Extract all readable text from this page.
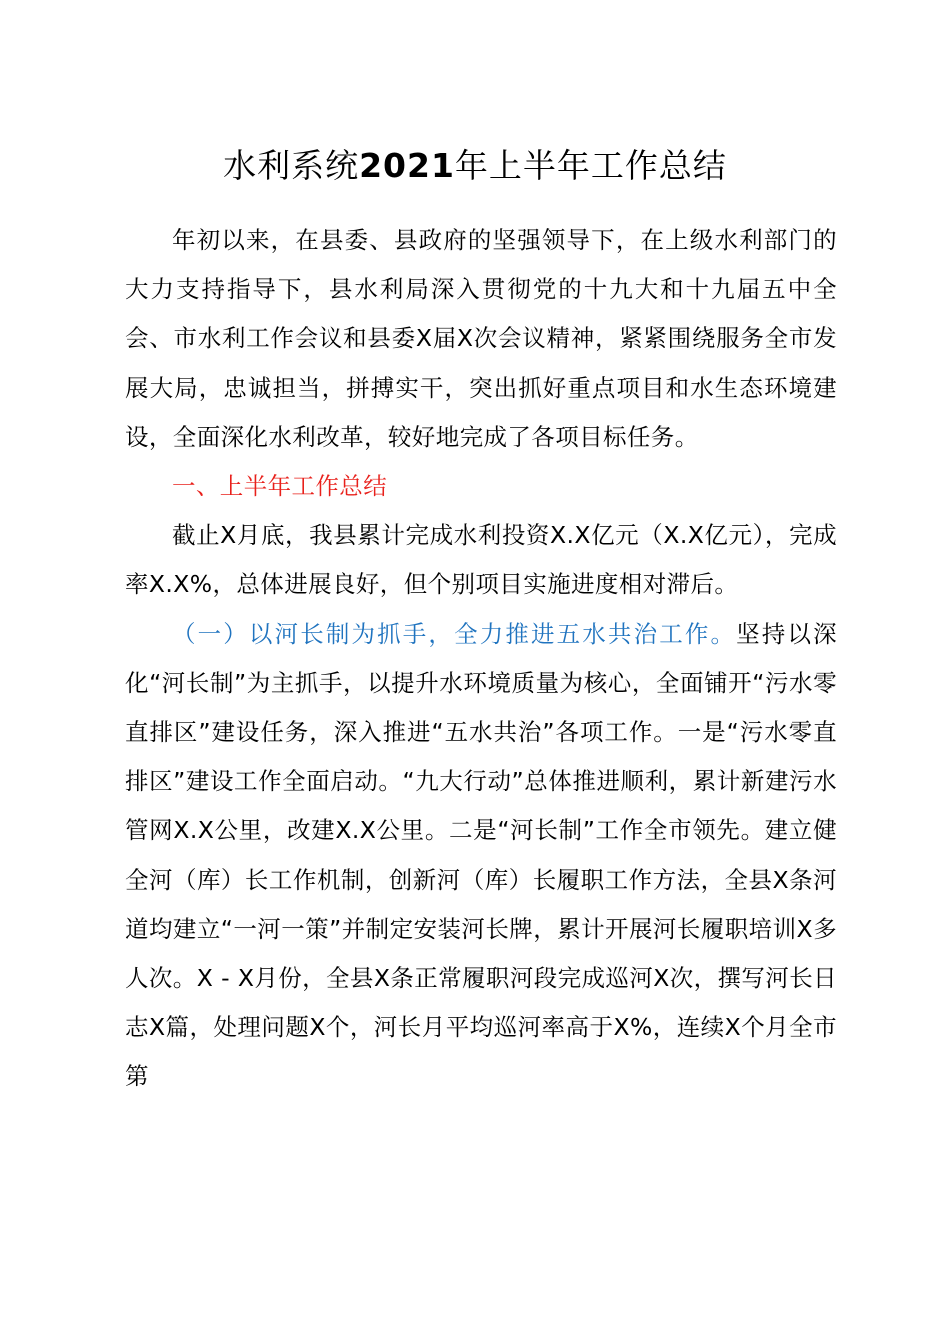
水利系统2021年上半年工作总结

年初以来，在县委、县政府的坚强领导下，在上级水利部门的大力支持指导下，县水利局深入贯彻党的十九大和十九届五中全会、市水利工作会议和县委X届X次会议精神，紧紧围绕服务全市发展大局，忠诚担当，拼搏实干，突出抓好重点项目和水生态环境建设，全面深化水利改革，较好地完成了各项目标任务。

一、上半年工作总结

截止X月底，我县累计完成水利投资X.X亿元（X.X亿元），完成率X.X%，总体进展良好，但个别项目实施进度相对滞后。

（一）以河长制为抓手，全力推进五水共治工作。坚持以深化“河长制”为主抓手，以提升水环境质量为核心，全面铺开“污水零直排区”建设任务，深入推进“五水共治”各项工作。一是“污水零直排区”建设工作全面启动。“九大行动”总体推进顺利，累计新建污水管网X.X公里，改建X.X公里。二是“河长制”工作全市领先。建立健全河（库）长工作机制，创新河（库）长履职工作方法，全县X条河道均建立“一河一策”并制定安装河长牌，累计开展河长履职培训X多人次。X - X月份，全县X条正常履职河段完成巡河X次，撰写河长日志X篇，处理问题X个，河长月平均巡河率高于X%，连续X个月全市第
